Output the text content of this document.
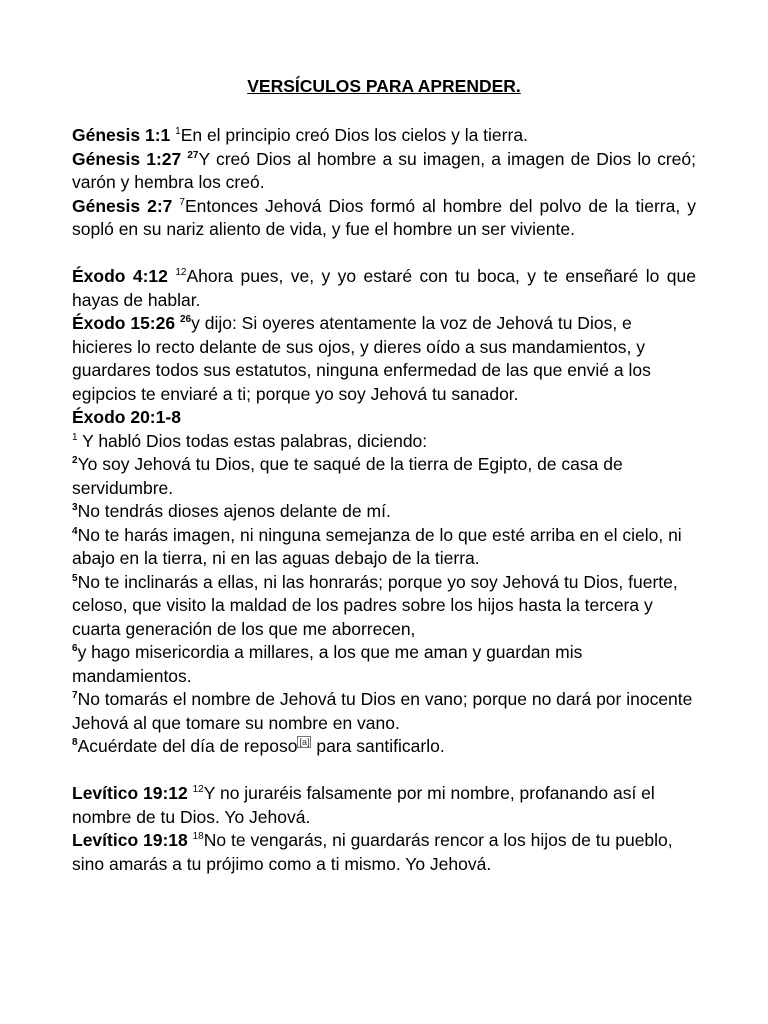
VERSÍCULOS PARA APRENDER.

Génesis 1:1 $^1$En el principio creó Dios los cielos y la tierra.

Génesis 1:27 $^{27}$Y creó Dios al hombre a su imagen, a imagen de Dios lo creó; varón y hembra los creó.

Génesis 2:7 $^7$Entonces Jehová Dios formó al hombre del polvo de la tierra, y sopló en su nariz aliento de vida, y fue el hombre un ser viviente.

Éxodo 4:12 $^{12}$Ahora pues, ve, y yo estaré con tu boca, y te enseñaré lo que hayas de hablar.

Éxodo 15:26 $^{26}$y dijo: Si oyeres atentamente la voz de Jehová tu Dios, e hicieres lo recto delante de sus ojos, y dieres oído a sus mandamientos, y guardares todos sus estatutos, ninguna enfermedad de las que envié a los egipcios te enviaré a ti; porque yo soy Jehová tu sanador.

Éxodo 20:1-8

$^1$ Y habló Dios todas estas palabras, diciendo:

$^2$Yo soy Jehová tu Dios, que te saqué de la tierra de Egipto, de casa de servidumbre.

$^3$No tendrás dioses ajenos delante de mí.

$^4$No te harás imagen, ni ninguna semejanza de lo que esté arriba en el cielo, ni abajo en la tierra, ni en las aguas debajo de la tierra.

$^5$No te inclinarás a ellas, ni las honrarás; porque yo soy Jehová tu Dios, fuerte, celoso, que visito la maldad de los padres sobre los hijos hasta la tercera y cuarta generación de los que me aborrecen,

$^6$y hago misericordia a millares, a los que me aman y guardan mis mandamientos.

$^7$No tomarás el nombre de Jehová tu Dios en vano; porque no dará por inocente Jehová al que tomare su nombre en vano.

$^8$Acuérdate del día de reposo [a] para santificarlo.

Levítico 19:12 $^{12}$Y no juraréis falsamente por mi nombre, profanando así el nombre de tu Dios. Yo Jehová.

Levítico 19:18 $^{18}$No te vengarás, ni guardarás rencor a los hijos de tu pueblo, sino amarás a tu prójimo como a ti mismo. Yo Jehová.
